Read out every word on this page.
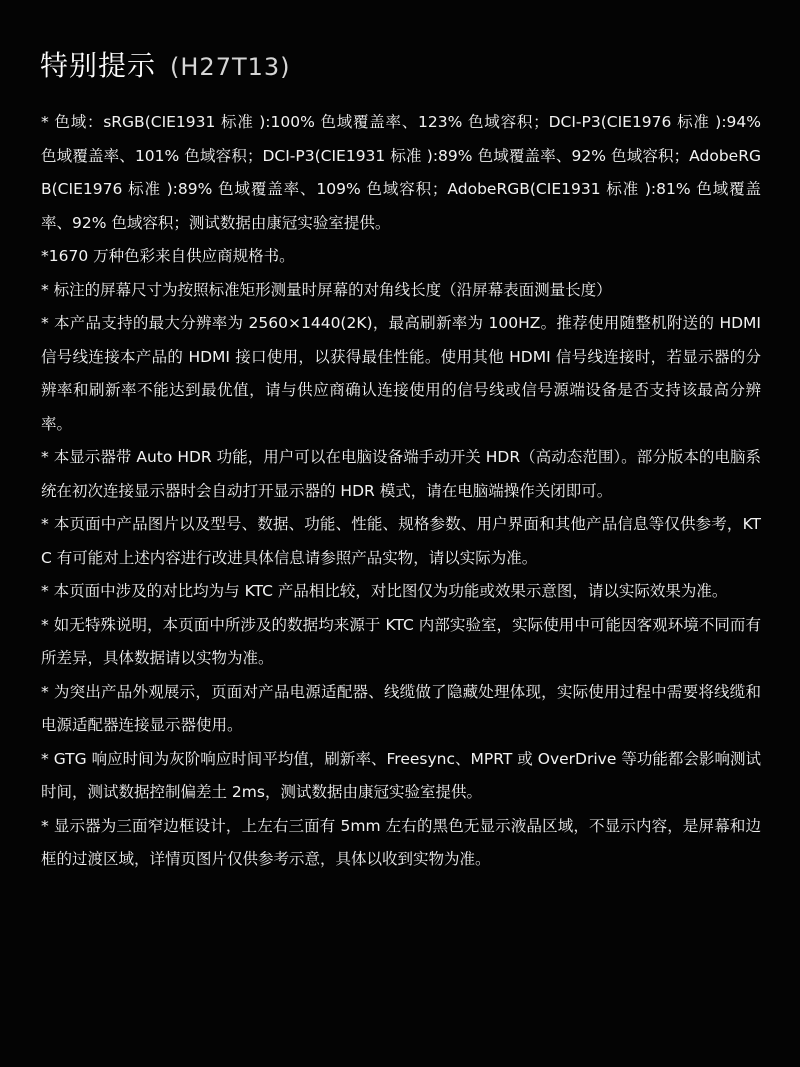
特别提示 (H27T13)

* 色域：sRGB(CIE1931 标准 ):100% 色域覆盖率、123% 色域容积；DCI-P3(CIE1976 标准 ):94% 色域覆盖率、101% 色域容积；DCI-P3(CIE1931 标准 ):89% 色域覆盖率、92% 色域容积；AdobeRGB(CIE1976 标准 ):89% 色域覆盖率、109% 色域容积；AdobeRGB(CIE1931 标准 ):81% 色域覆盖率、92% 色域容积；测试数据由康冠实验室提供。

*1670 万种色彩来自供应商规格书。

* 标注的屏幕尺寸为按照标准矩形测量时屏幕的对角线长度（沿屏幕表面测量长度）

* 本产品支持的最大分辨率为 2560×1440(2K)，最高刷新率为 100HZ。推荐使用随整机附送的 HDMI 信号线连接本产品的 HDMI 接口使用，以获得最佳性能。使用其他 HDMI 信号线连接时，若显示器的分辨率和刷新率不能达到最优值，请与供应商确认连接使用的信号线或信号源端设备是否支持该最高分辨率。

* 本显示器带 Auto HDR 功能，用户可以在电脑设备端手动开关 HDR（高动态范围）。部分版本的电脑系统在初次连接显示器时会自动打开显示器的 HDR 模式，请在电脑端操作关闭即可。

* 本页面中产品图片以及型号、数据、功能、性能、规格参数、用户界面和其他产品信息等仅供参考，KTC 有可能对上述内容进行改进具体信息请参照产品实物，请以实际为准。

* 本页面中涉及的对比均为与 KTC 产品相比较，对比图仅为功能或效果示意图，请以实际效果为准。

* 如无特殊说明，本页面中所涉及的数据均来源于 KTC 内部实验室，实际使用中可能因客观环境不同而有所差异，具体数据请以实物为准。

* 为突出产品外观展示，页面对产品电源适配器、线缆做了隐藏处理体现，实际使用过程中需要将线缆和电源适配器连接显示器使用。

* GTG 响应时间为灰阶响应时间平均值，刷新率、Freesync、MPRT 或 OverDrive 等功能都会影响测试时间，测试数据控制偏差土 2ms，测试数据由康冠实验室提供。

* 显示器为三面窄边框设计，上左右三面有 5mm 左右的黑色无显示液晶区域，不显示内容，是屏幕和边框的过渡区域，详情页图片仅供参考示意，具体以收到实物为准。
